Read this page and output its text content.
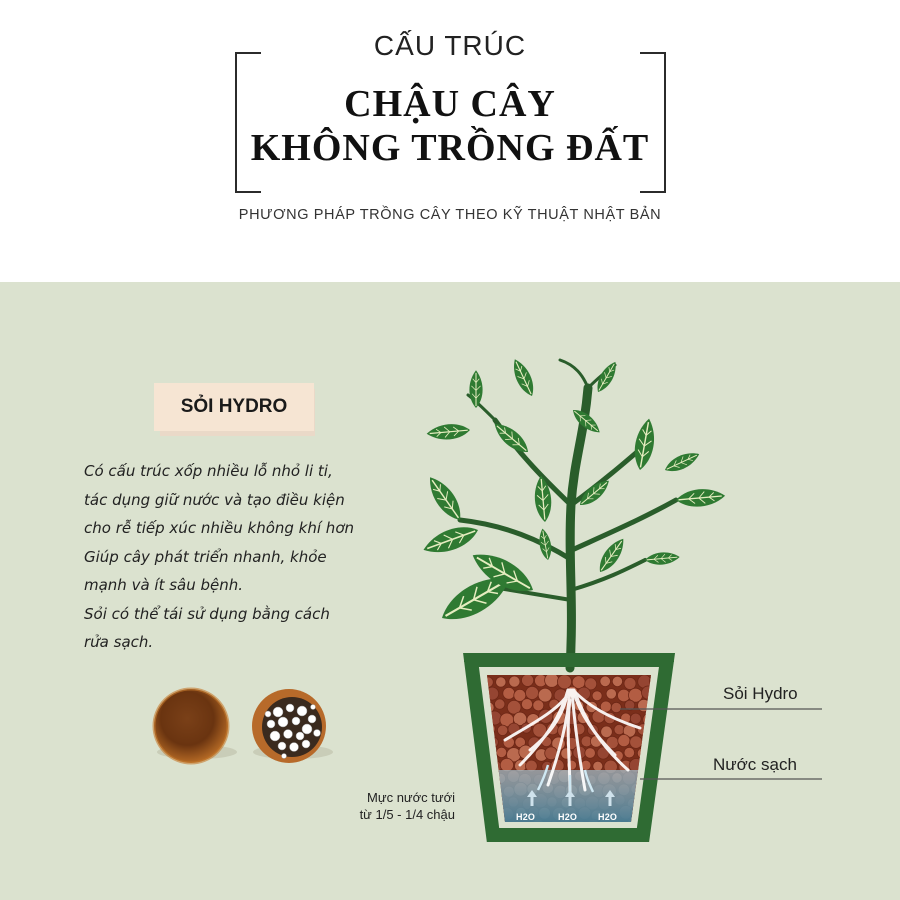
CẤU TRÚC
CHẬU CÂY
KHÔNG TRỒNG ĐẤT
PHƯƠNG PHÁP TRỒNG CÂY THEO KỸ THUẬT NHẬT BẢN
SỎI HYDRO
Có cấu trúc xốp nhiều lỗ nhỏ li ti,
tác dụng giữ nước và tạo điều kiện
cho rễ tiếp xúc nhiều không khí hơn
Giúp cây phát triển nhanh, khỏe
mạnh và ít sâu bệnh.
Sỏi có thể tái sử dụng bằng cách
rửa sạch.
Sỏi Hydro
Nước sạch
Mực nước tưới
từ 1/5 - 1/4 chậu	H2O	H2O H2O
